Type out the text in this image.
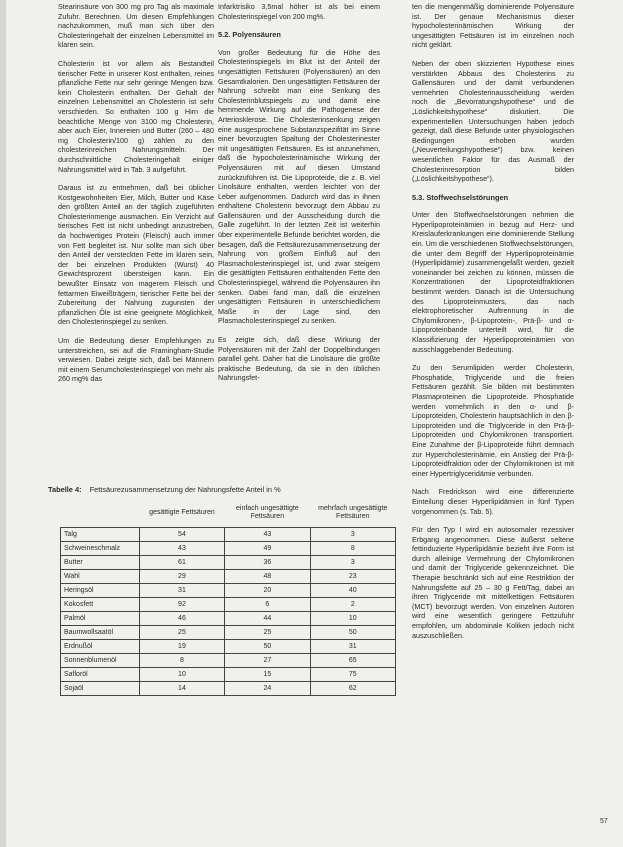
Stearinsäure von 300 mg pro Tag als maximale Zufuhr. Berechnen. Um diesen Empfehlungen nachzukommen, muß man sich über den Cholesteringehalt der einzelnen Lebensmittel im klaren sein.

Cholesterin ist vor allem als Bestandteil tierischer Fette in unserer Kost enthalten, reines pflanzliche Fette nur sehr geringe Mengen bzw. kein Cholesterin enthalten. Der Gehalt der einzelnen Lebensmittel an Cholesterin ist sehr verschieden. So enthalten 100 g Hirn die beachtliche Menge von 3100 mg Cholesterin, aber auch Eier, Innereien und Butter (260 – 480 mg Cholesterin/100 g) zählen zu den cholesterinreichen Nahrungsmitteln. Der durchschnittliche Cholesteringehalt einiger Nahrungsmittel wird in Tab. 3 aufgeführt.

Daraus ist zu entnehmen, daß bei üblicher Kostgewohnheiten Eier, Milch, Butter und Käse den größten Anteil an der täglich zugeführten Cholesterinmenge ausmachen. Ein Verzicht auf tierisches Fett ist nicht unbedingt anzustreben, da hochwertiges Protein (Fleisch) auch immer von Fett begleitet ist. Nur sollte man sich über den Anteil der versteckten Fette im klaren sein, der bei einzelnen Produkten (Wurst) 40 Gewichtsprozent übersteigen kann. Ein bewußter Einsatz von magerem Fleisch und fettarmen Eiweißträgern, tierischer Fette bei der Zubereitung der Nahrung zugunsten der pflanzlichen Öle ist eine geeignete Möglichkeit, den Cholesterinspiegel zu senken.

Um die Bedeutung dieser Empfehlungen zu unterstreichen, sei auf die Framingham-Studie verwiesen. Dabei zeigte sich, daß bei Männern mit einem Serumcholesterinspiegel von mehr als 260 mg% das

Infarktrisiko 3,5mal höher ist als bei einem Cholesterinspiegel von 200 mg%.

5.2. Polyensäuren

Von großer Bedeutung für die Höhe des Cholesterinspiegels im Blut ist der Anteil der ungesättigten Fettsäuren (Polyensäuren) an den Gesamtkalorien. Den ungesättigten Fettsäuren der Nahrung schreibt man eine Senkung des Cholesterinblutspiegels zu und damit eine hemmende Wirkung auf die Pathogenese der Arteriosklerose. Die Cholesterinsenkung zeigen eine ausgesprochene Substanzspezifität im Sinne einer bevorzugten Spaltung der Cholesterinester mit ungesättigten Fettsäuren. Es ist anzunehmen, daß die hypocholesterinämische Wirkung der Polyensäuren mit auf diesen Umstand zurückzuführen ist. Die Lipoproteide, die z. B. viel Linolsäure enthalten, werden leichter von der Leber aufgenommen. Dadurch wird das in ihnen enthaltene Cholesterin bevorzugt dem Abbau zu Gallensäuren und der Ausscheidung durch die Galle zugeführt. In der letzten Zeit ist weiterhin über experimentelle Befunde berichtet worden, die besagen, daß die Fettsäurezusammensetzung der Nahrung von großem Einfluß auf den Plasmacholesterinspiegel ist, und zwar steigern die gesättigten Fettsäuren enthaltenden Fette den Cholesterinspiegel, während die Polyensäuren ihn senken. Dabei fand man, daß die einzelnen ungesättigten Fettsäuren in unterschiedlichem Maße in der Lage sind, den Plasmacholesterinspiegel zu senken.

Es zeigte sich, daß diese Wirkung der Polyensäuren mit der Zahl der Doppelbindungen parallel geht. Daher hat die Linolsäure die größte praktische Bedeutung, da sie in den üblichen Nahrungsfet-

ten die mengenmäßig dominierende Polyensäure ist. Der genaue Mechanismus dieser hypocholesterinämischen Wirkung der ungesättigten Fettsäuren ist im einzelnen noch nicht geklärt.

Neben der oben skizzierten Hypothese eines verstärkten Abbaus des Cholesterins zu Gallensäuren und der damit verbundenen vermehrten Cholesterinausscheidung werden noch die „Bevorratungshypothese“ und die „Löslichkeitshypothese“ diskutiert. Die experimentellen Untersuchungen haben jedoch gezeigt, daß diese Befunde unter physiologischen Bedingungen erhoben wurden („Neuverteilungshypothese“) bzw. keinen wesentlichen Faktor für das Ausmaß der Cholesterinresorption bilden („Löslichkeitshypothese“).

5.3. Stoffwechselstörungen

Unter den Stoffwechselstörungen nehmen die Hyperlipoproteinämien in bezug auf Herz- und Kreislauferkrankungen eine dominierende Stellung ein. Um die verschiedenen Stoffwechselstörungen, die unter dem Begriff der Hyperlipoproteinämie (Hyperlipidämie) zusammengefaßt werden, gezielt voneinander bei zeichen zu können, müssen die Konzentrationen der Lipoproteidfraktionen bestimmt werden. Danach ist die Untersuchung des Lipoproteinmusters, das nach elektrophoretischer Auftrennung in die Chylomikronen-, β-Lipoprotein-, Prä-β- und α-Lipoproteinbande unterteilt wird, für die Klassifizierung der Hyperlipoproteinämien von ausschlaggebender Bedeutung.

Zu den Serumlipiden werder Cholesterin, Phosphatide, Triglyceride und die freien Fettsäuren gezählt. Sie bilden mit bestimmten Plasmaproteinen die Lipoproteide. Phosphatide werden vornehmlich in den α- und β-Lipoproteiden, Cholesterin hauptsächlich in den β-Lipoproteiden und die Triglyceride in den Prä-β-Lipoproteiden und Chylomikronen transportiert. Eine Zunahme der β-Lipoproteide führt demnach zur Hypercholesterinämie, ein Anstieg der Prä-β-Lipoproteidfraktion oder der Chylomikronen ist mit einer Hypertriglyceridämie verbunden.

Nach Fredrickson wird eine differenzierte Einteilung dieser Hyperlipidämien in fünf Typen vorgenommen (s. Tab. 5).

Für den Typ I wird ein autosomaler rezessiver Erbgang angenommen. Diese äußerst seltene fettinduzierte Hyperlipidämie bezieht ihre Form ist durch alleinige Vermehrung der Chylomikronen und damit der Triglyceride gekennzeichnet. Die Therapie beschränkt sich auf eine Restriktion der Nahrungsfette auf 25 – 30 g Fett/Tag, dabei an ihren Triglyceride mit mittelkettigen Fettsäuren (MCT) bevorzugt werden. Von einzelnen Autoren wird eine wesentlich geringere Fettzufuhr empfohlen, um abdominale Koliken jedoch nicht auszuschließen.

Tabelle 4: Fettsäurezusammensetzung der Nahrungsfette Anteil in %
	gesättigte Fettsäuren	einfach ungesättigte Fettsäuren	mehrfach ungesättigte Fettsäuren
Talg	54	43	3
Schweineschmalz	43	49	8
Butter	61	36	3
Wahl	29	48	23
Heringsöl	31	20	40
Kokosfett	92	6	2
Palmöl	46	44	10
Baumwollsaatöl	25	25	50
Erdnußöl	19	50	31
Sonnenblumenöl	8	27	65
Safloröl	10	15	75
Sojaöl	14	24	62
57
